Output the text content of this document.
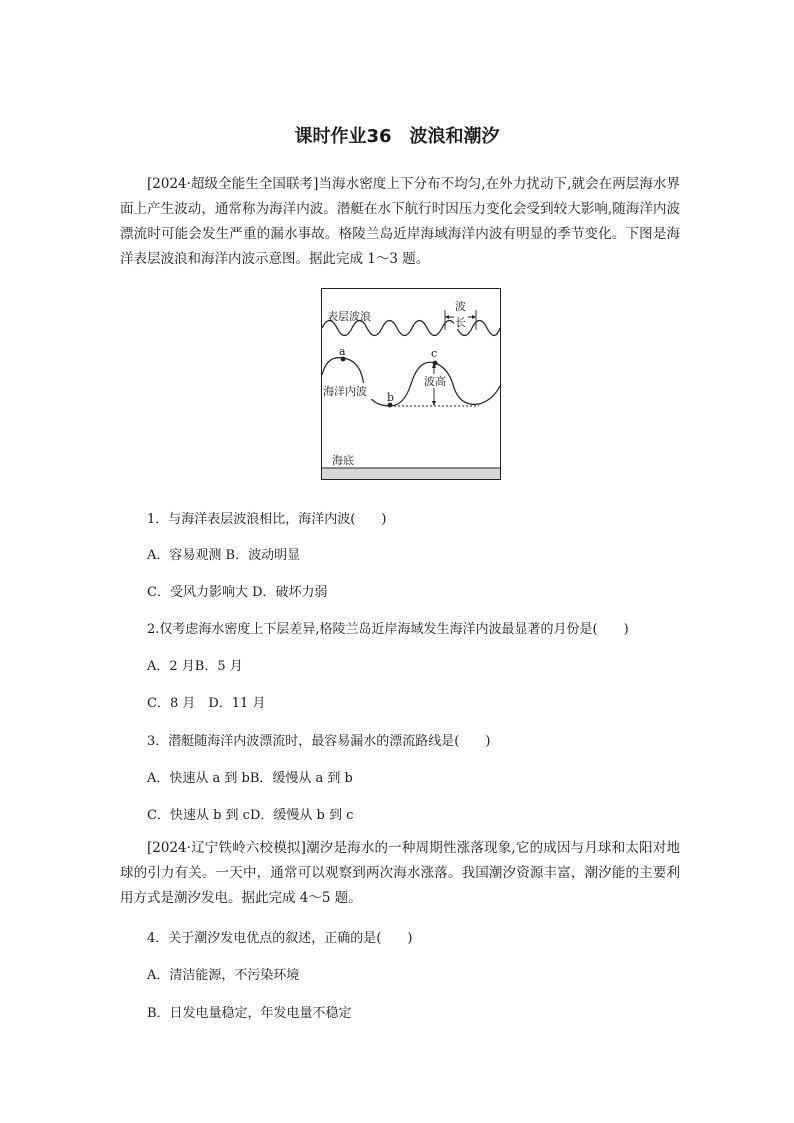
课时作业36　波浪和潮汐

[2024·超级全能生全国联考]当海水密度上下分布不均匀,在外力扰动下,就会在两层海水界面上产生波动，通常称为海洋内波。潜艇在水下航行时因压力变化会受到较大影响,随海洋内波漂流时可能会发生严重的漏水事故。格陵兰岛近岸海域海洋内波有明显的季节变化。下图是海洋表层波浪和海洋内波示意图。据此完成 1～3 题。

海底
表层波浪
波
长
波高
a	c
b
海洋内波

1．与海洋表层波浪相比，海洋内波(　　)

A．容易观测 B．波动明显

C．受风力影响大 D．破坏力弱

2.仅考虑海水密度上下层差异,格陵兰岛近岸海域发生海洋内波最显著的月份是(　　)

A．2 月B．5 月

C．8 月　D．11 月

3．潜艇随海洋内波漂流时，最容易漏水的漂流路线是(　　)

A．快速从 a 到 bB．缓慢从 a 到 b

C．快速从 b 到 cD．缓慢从 b 到 c

[2024·辽宁铁岭六校模拟]潮汐是海水的一种周期性涨落现象,它的成因与月球和太阳对地球的引力有关。一天中，通常可以观察到两次海水涨落。我国潮汐资源丰富，潮汐能的主要利用方式是潮汐发电。据此完成 4～5 题。

4．关于潮汐发电优点的叙述，正确的是(　　)

A．清洁能源，不污染环境

B．日发电量稳定，年发电量不稳定
